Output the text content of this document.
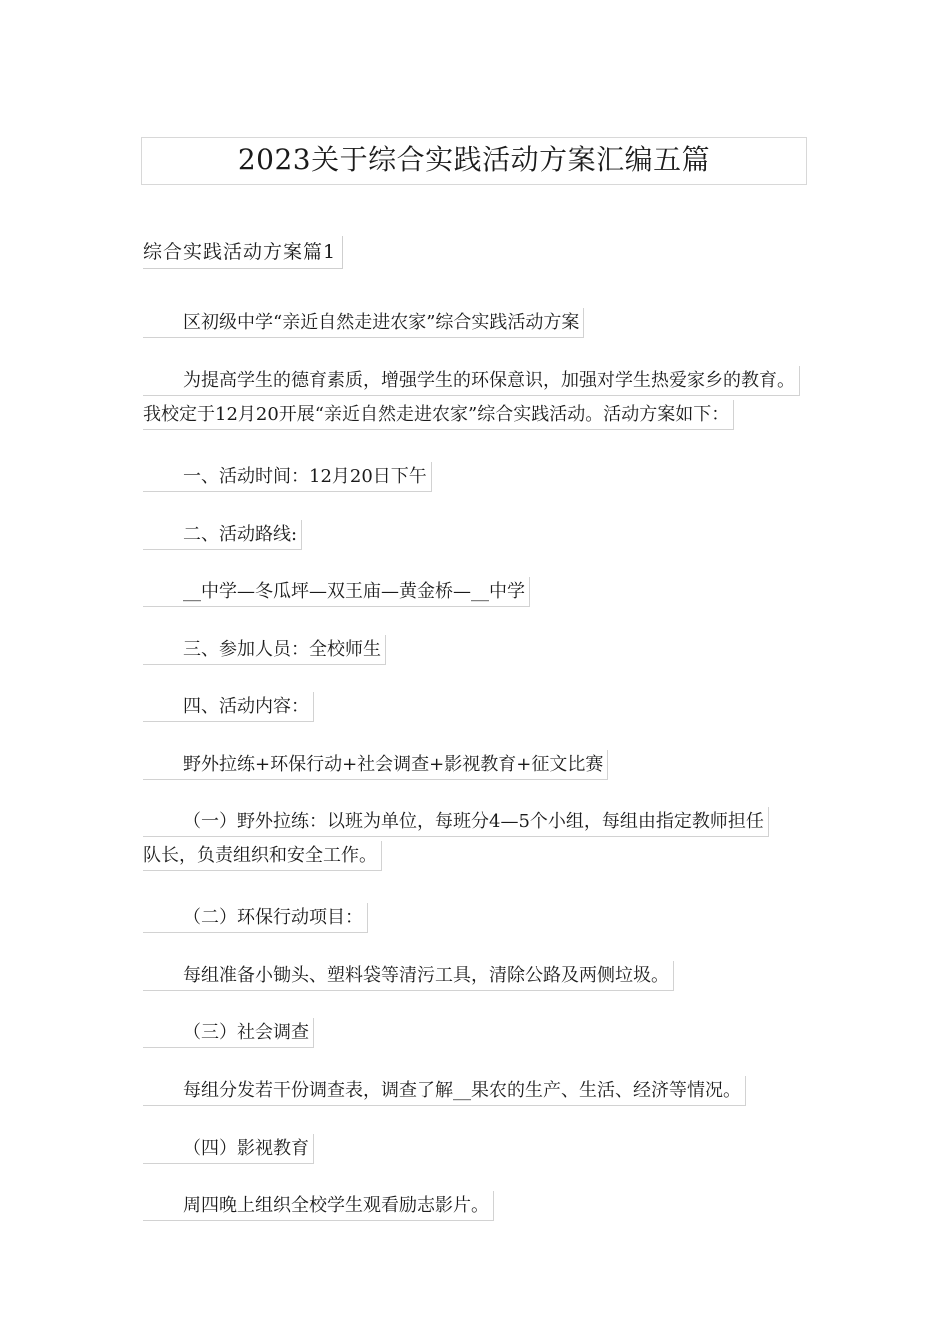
2023关于综合实践活动方案汇编五篇
综合实践活动方案篇1
区初级中学“亲近自然走进农家”综合实践活动方案
为提高学生的德育素质，增强学生的环保意识，加强对学生热爱家乡的教育。
我校定于12月20开展“亲近自然走进农家”综合实践活动。活动方案如下：
一、活动时间：12月20日下午
二、活动路线:
__中学—冬瓜坪—双王庙—黄金桥—__中学
三、参加人员：全校师生
四、活动内容：
野外拉练+环保行动+社会调查+影视教育+征文比赛
（一）野外拉练：以班为单位，每班分4—5个小组，每组由指定教师担任
队长，负责组织和安全工作。
（二）环保行动项目：
每组准备小锄头、塑料袋等清污工具，清除公路及两侧垃圾。
（三）社会调查
每组分发若干份调查表，调查了解__果农的生产、生活、经济等情况。
（四）影视教育
周四晚上组织全校学生观看励志影片。
